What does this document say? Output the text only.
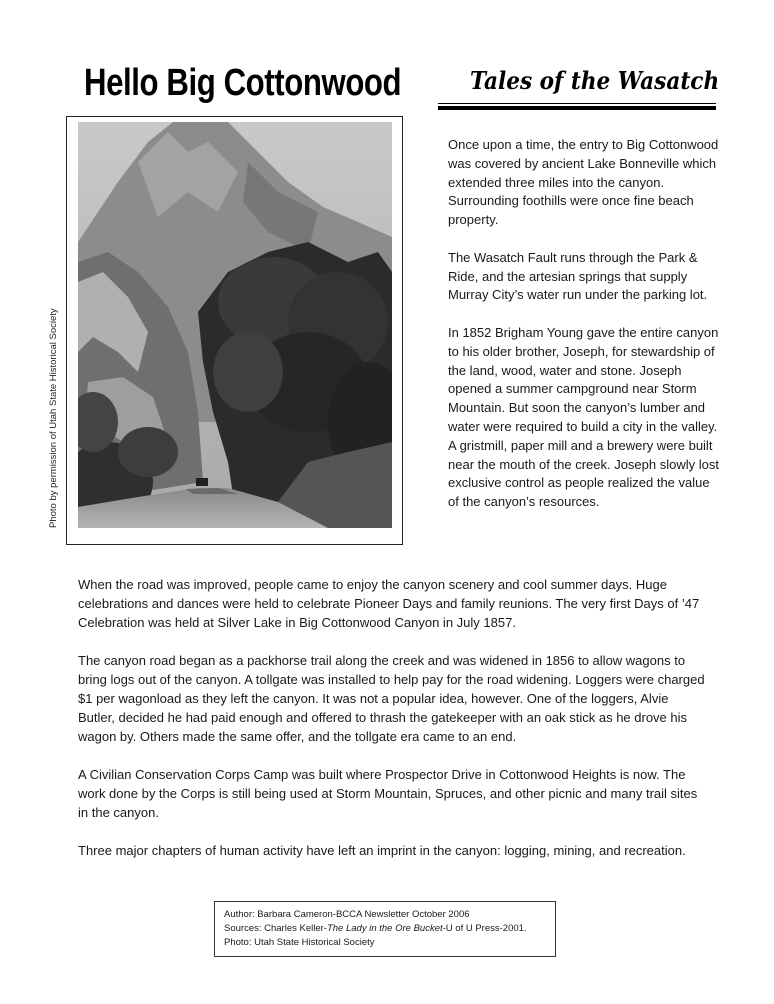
Hello Big Cottonwood	Tales of the Wasatch
Photo by permission of Utah State Historical Society

Once upon a time, the entry to Big Cottonwood was covered by ancient Lake Bonneville which extended three miles into the canyon. Surrounding foothills were once fine beach property.

The Wasatch Fault runs through the Park & Ride, and the artesian springs that supply Murray City’s water run under the parking lot.

In 1852 Brigham Young gave the entire canyon to his older brother, Joseph, for stewardship of the land, wood, water and stone. Joseph opened a summer campground near Storm Mountain. But soon the canyon’s lumber and water were required to build a city in the valley. A gristmill, paper mill and a brewery were built near the mouth of the creek. Joseph slowly lost exclusive control as people realized the value of the canyon’s resources.

When the road was improved, people came to enjoy the canyon scenery and cool summer days. Huge celebrations and dances were held to celebrate Pioneer Days and family reunions. The very first Days of ’47 Celebration was held at Silver Lake in Big Cottonwood Canyon in July 1857.

The canyon road began as a packhorse trail along the creek and was widened in 1856 to allow wagons to bring logs out of the canyon. A tollgate was installed to help pay for the road widening. Loggers were charged $1 per wagonload as they left the canyon. It was not a popular idea, however. One of the loggers, Alvie Butler, decided he had paid enough and offered to thrash the gatekeeper with an oak stick as he drove his wagon by. Others made the same offer, and the tollgate era came to an end.

A Civilian Conservation Corps Camp was built where Prospector Drive in Cottonwood Heights is now. The work done by the Corps is still being used at Storm Mountain, Spruces, and other picnic and many trail sites in the canyon.

Three major chapters of human activity have left an imprint in the canyon: logging, mining, and recreation.

Author: Barbara Cameron-BCCA Newsletter October 2006
Sources: Charles Keller-The Lady in the Ore Bucket-U of U Press-2001.
Photo: Utah State Historical Society
